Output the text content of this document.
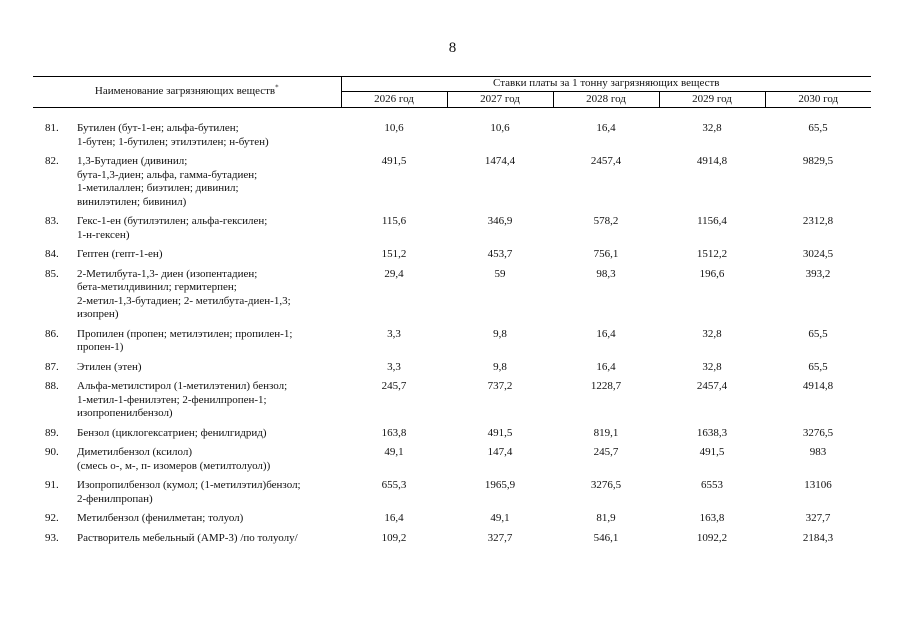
8
Наименование загрязняющих веществ*		Ставки платы за 1 тонну загрязняющих веществ				
		2026 год	2027 год	2028 год	2029 год	2030 год

81.	Бутилен (бут-1-ен; альфа-бутилен;
1-бутен; 1-бутилен; этилэтилен; н-бутен)	10,6	10,6	16,4	32,8	65,5
82.	1,3-Бутадиен (дивинил;
бута-1,3-диен; альфа, гамма-бутадиен;
1-метилаллен; биэтилен; дивинил;
винилэтилен; бивинил)	491,5	1474,4	2457,4	4914,8	9829,5
83.	Гекс-1-ен (бутилэтилен; альфа-гексилен;
1-н-гексен)	115,6	346,9	578,2	1156,4	2312,8
84.	Гептен (гепт-1-ен)	151,2	453,7	756,1	1512,2	3024,5
85.	2-Метилбута-1,3- диен (изопентадиен;
бета-метилдивинил; гермитерпен;
2-метил-1,3-бутадиен; 2- метилбута-диен-1,3;
изопрен)	29,4	59	98,3	196,6	393,2
86.	Пропилен (пропен; метилэтилен; пропилен-1;
пропен-1)	3,3	9,8	16,4	32,8	65,5
87.	Этилен (этен)	3,3	9,8	16,4	32,8	65,5
88.	Альфа-метилстирол (1-метилэтенил) бензол;
1-метил-1-фенилэтен; 2-фенилпропен-1;
изопропенилбензол)	245,7	737,2	1228,7	2457,4	4914,8
89.	Бензол (циклогексатриен; фенилгидрид)	163,8	491,5	819,1	1638,3	3276,5
90.	Диметилбензол (ксилол)
(смесь о-, м-, п- изомеров (метилтолуол))	49,1	147,4	245,7	491,5	983
91.	Изопропилбензол (кумол; (1-метилэтил)бензол;
2-фенилпропан)	655,3	1965,9	3276,5	6553	13106
92.	Метилбензол (фенилметан; толуол)	16,4	49,1	81,9	163,8	327,7
93.	Растворитель мебельный (АМР-3) /по толуолу/	109,2	327,7	546,1	1092,2	2184,3
